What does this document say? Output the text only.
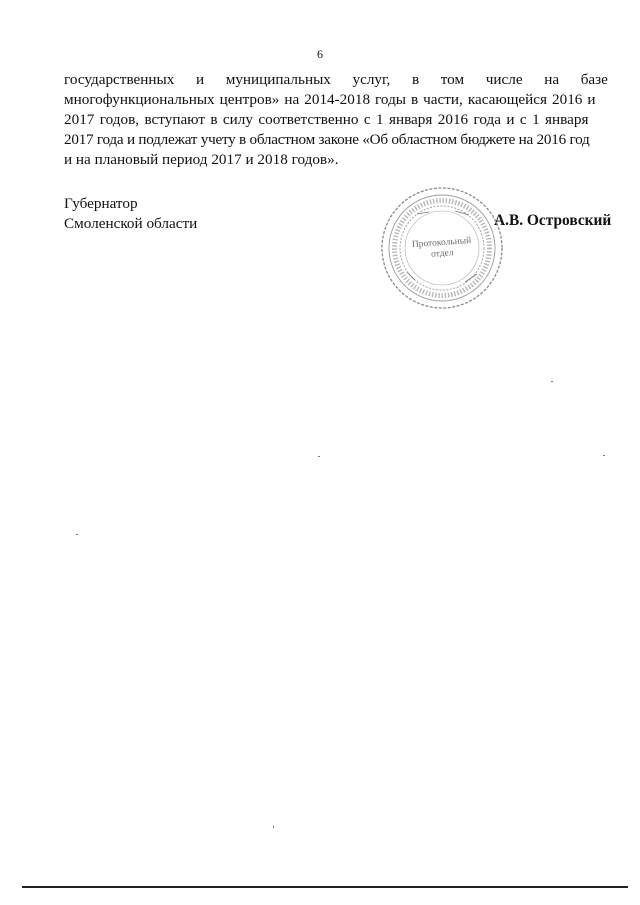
6
государственных и муниципальных услуг, в том числе на базе
многофункциональных центров» на 2014-2018 годы в части, касающейся 2016 и
2017 годов, вступают в силу соответственно с 1 января 2016 года и с 1 января
2017 года и подлежат учету в областном законе «Об областном бюджете на 2016 год
и на плановый период 2017 и 2018 годов».
Губернатор
Смоленской области
Протокольный
отдел
А.В. Островский
